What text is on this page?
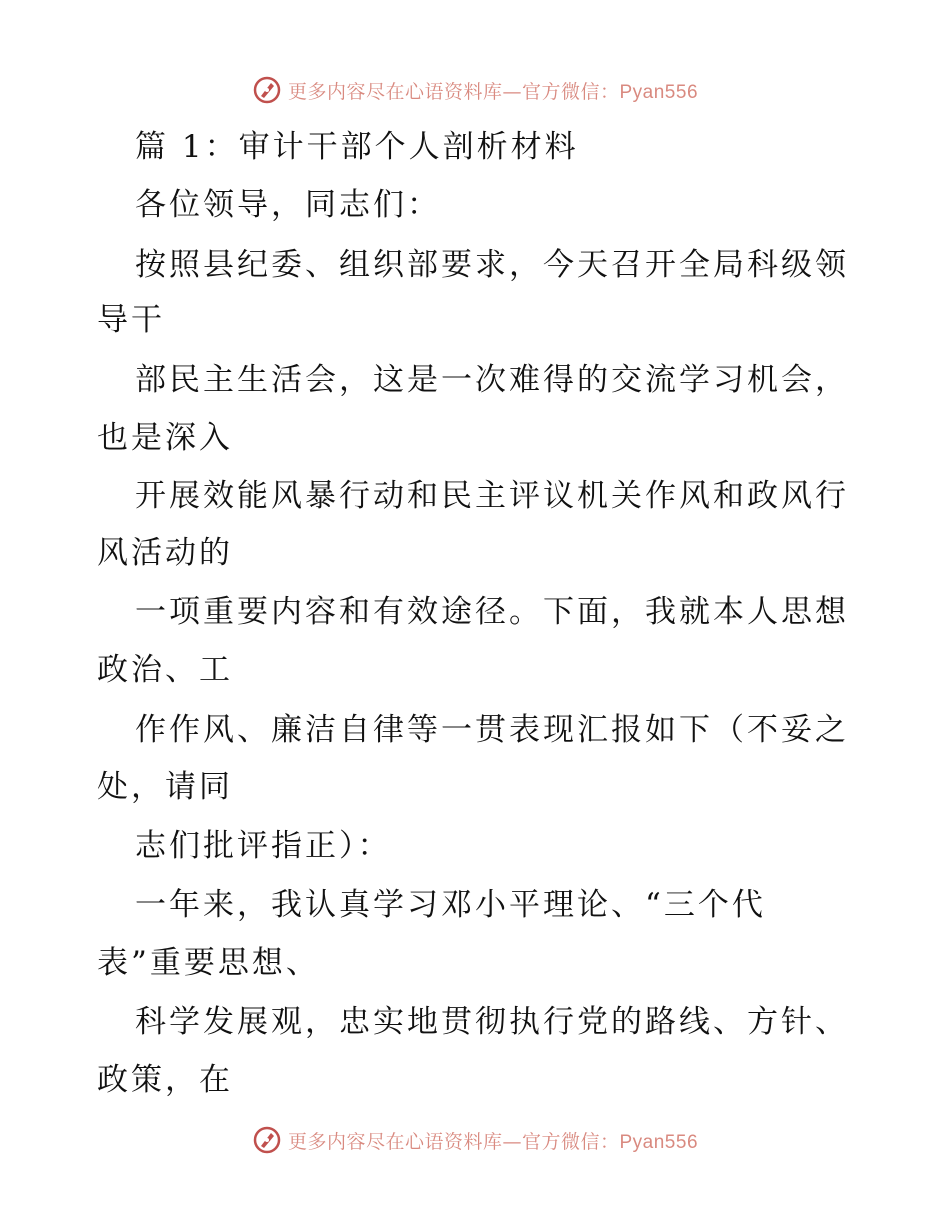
更多内容尽在心语资料库—官方微信：Pyan556
篇 1：审计干部个人剖析材料
各位领导，同志们：
按照县纪委、组织部要求，今天召开全局科级领
导干
部民主生活会，这是一次难得的交流学习机会，
也是深入
开展效能风暴行动和民主评议机关作风和政风行
风活动的
一项重要内容和有效途径。下面，我就本人思想
政治、工
作作风、廉洁自律等一贯表现汇报如下（不妥之
处，请同
志们批评指正）：
一年来，我认真学习邓小平理论、“三个代
表”重要思想、
科学发展观，忠实地贯彻执行党的路线、方针、
政策，在
更多内容尽在心语资料库—官方微信：Pyan556
